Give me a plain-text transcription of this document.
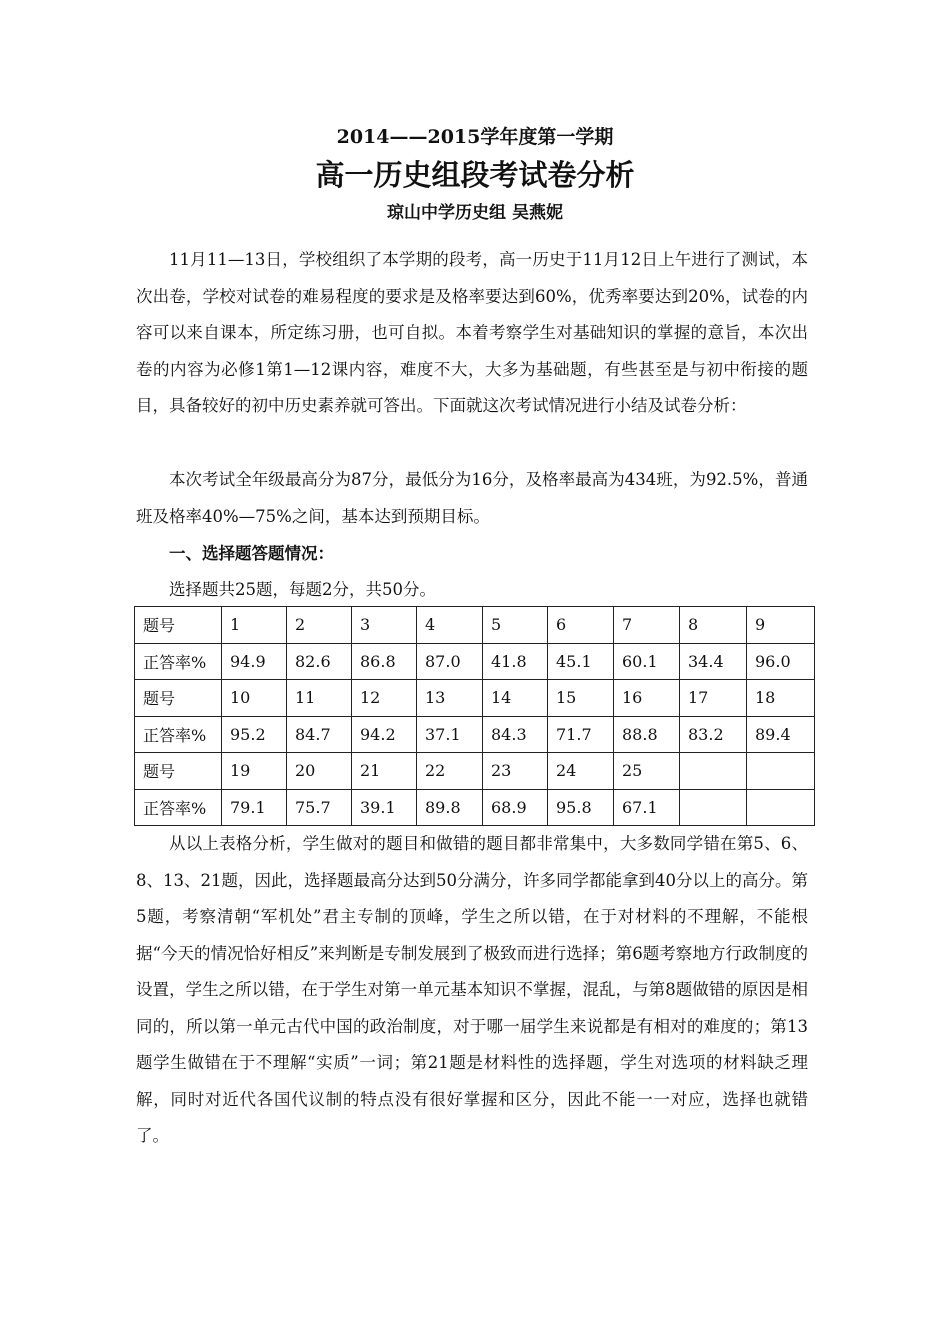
2014——2015学年度第一学期
高一历史组段考试卷分析
琼山中学历史组 吴燕妮

11月11—13日，学校组织了本学期的段考，高一历史于11月12日上午进行了测试，本次出卷，学校对试卷的难易程度的要求是及格率要达到60%，优秀率要达到20%，试卷的内容可以来自课本，所定练习册，也可自拟。本着考察学生对基础知识的掌握的意旨，本次出卷的内容为必修1第1—12课内容，难度不大，大多为基础题，有些甚至是与初中衔接的题目，具备较好的初中历史素养就可答出。下面就这次考试情况进行小结及试卷分析：

本次考试全年级最高分为87分，最低分为16分，及格率最高为434班，为92.5%，普通班及格率40%—75%之间，基本达到预期目标。

一、选择题答题情况：
选择题共25题，每题2分，共50分。
题号	1	2	3	4	5	6	7	8	9
正答率%	94.9	82.6	86.8	87.0	41.8	45.1	60.1	34.4	96.0
题号	10	11	12	13	14	15	16	17	18
正答率%	95.2	84.7	94.2	37.1	84.3	71.7	88.8	83.2	89.4
题号	19	20	21	22	23	24	25		
正答率%	79.1	75.7	39.1	89.8	68.9	95.8	67.1		

从以上表格分析，学生做对的题目和做错的题目都非常集中，大多数同学错在第5、6、8、13、21题，因此，选择题最高分达到50分满分，许多同学都能拿到40分以上的高分。第5题，考察清朝“军机处”君主专制的顶峰，学生之所以错，在于对材料的不理解，不能根据“今天的情况恰好相反”来判断是专制发展到了极致而进行选择；第6题考察地方行政制度的设置，学生之所以错，在于学生对第一单元基本知识不掌握，混乱，与第8题做错的原因是相同的，所以第一单元古代中国的政治制度，对于哪一届学生来说都是有相对的难度的；第13题学生做错在于不理解“实质”一词；第21题是材料性的选择题，学生对选项的材料缺乏理解，同时对近代各国代议制的特点没有很好掌握和区分，因此不能一一对应，选择也就错了。
